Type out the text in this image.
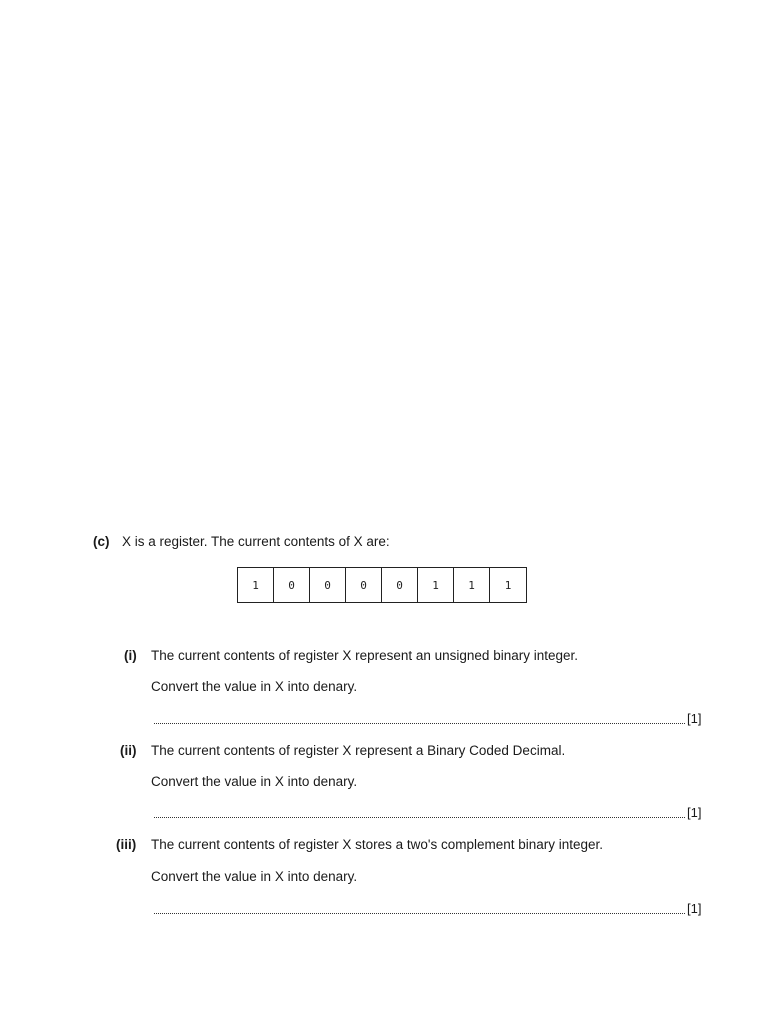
(c) X is a register. The current contents of X are:
1	0	0	0	0	1	1	1
(i) The current contents of register X represent an unsigned binary integer.
Convert the value in X into denary.
[1]
(ii) The current contents of register X represent a Binary Coded Decimal.
Convert the value in X into denary.
[1]
(iii) The current contents of register X stores a two's complement binary integer.
Convert the value in X into denary.
[1]
